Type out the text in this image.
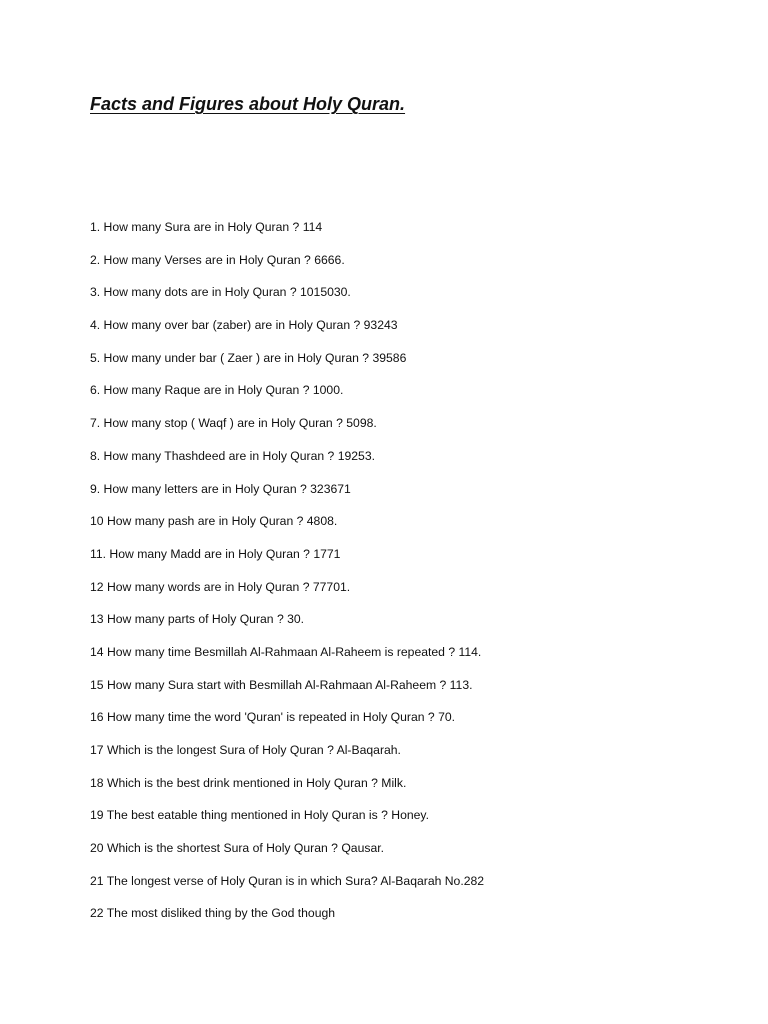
Facts and Figures about Holy Quran.
1. How many Sura are in Holy Quran ? 114
2. How many Verses are in Holy Quran ? 6666.
3. How many dots are in Holy Quran ? 1015030.
4. How many over bar (zaber) are in Holy Quran ? 93243
5. How many under bar ( Zaer ) are in Holy Quran ? 39586
6. How many Raque are in Holy Quran ? 1000.
7. How many stop ( Waqf ) are in Holy Quran ? 5098.
8. How many Thashdeed are in Holy Quran ? 19253.
9. How many letters are in Holy Quran ? 323671
10 How many pash are in Holy Quran ? 4808.
11. How many Madd are in Holy Quran ? 1771
12 How many words are in Holy Quran ? 77701.
13 How many parts of Holy Quran ? 30.
14 How many time Besmillah Al-Rahmaan Al-Raheem is repeated ? 114.
15 How many Sura start with Besmillah Al-Rahmaan Al-Raheem ? 113.
16 How many time the word 'Quran' is repeated in Holy Quran ? 70.
17 Which is the longest Sura of Holy Quran ? Al-Baqarah.
18 Which is the best drink mentioned in Holy Quran ? Milk.
19 The best eatable thing mentioned in Holy Quran is ? Honey.
20 Which is the shortest Sura of Holy Quran ? Qausar.
21 The longest verse of Holy Quran is in which Sura? Al-Baqarah No.282
22 The most disliked thing by the God though
